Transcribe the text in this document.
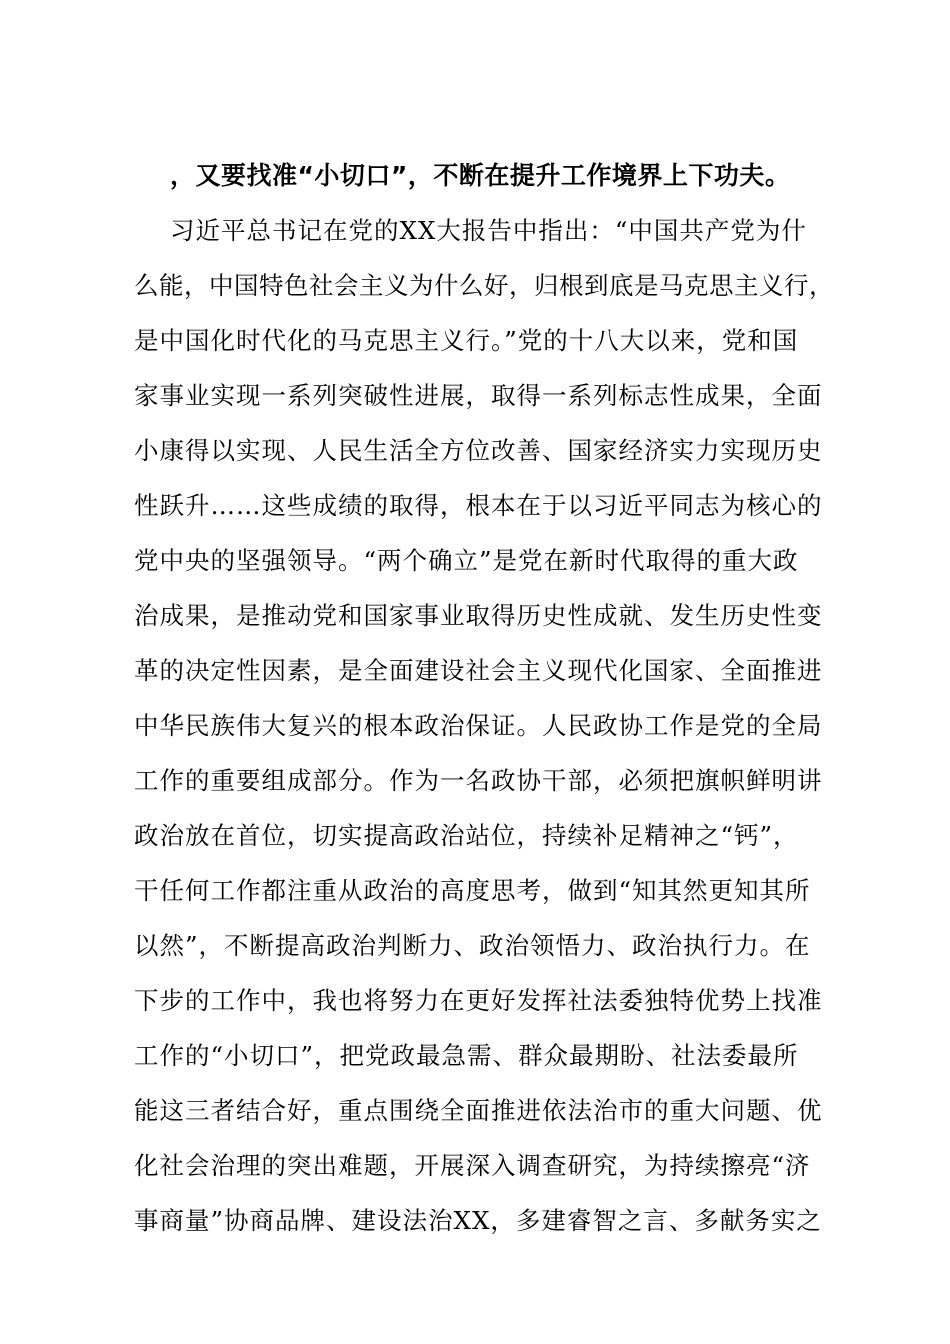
，又要找准“小切口”，不断在提升工作境界上下功夫。
习近平总书记在党的XX大报告中指出：“中国共产党为什
么能，中国特色社会主义为什么好，归根到底是马克思主义行，
是中国化时代化的马克思主义行。”党的十八大以来，党和国
家事业实现一系列突破性进展，取得一系列标志性成果，全面
小康得以实现、人民生活全方位改善、国家经济实力实现历史
性跃升……这些成绩的取得，根本在于以习近平同志为核心的
党中央的坚强领导。“两个确立”是党在新时代取得的重大政
治成果，是推动党和国家事业取得历史性成就、发生历史性变
革的决定性因素，是全面建设社会主义现代化国家、全面推进
中华民族伟大复兴的根本政治保证。人民政协工作是党的全局
工作的重要组成部分。作为一名政协干部，必须把旗帜鲜明讲
政治放在首位，切实提高政治站位，持续补足精神之“钙”，
干任何工作都注重从政治的高度思考，做到“知其然更知其所
以然”，不断提高政治判断力、政治领悟力、政治执行力。在
下步的工作中，我也将努力在更好发挥社法委独特优势上找准
工作的“小切口”，把党政最急需、群众最期盼、社法委最所
能这三者结合好，重点围绕全面推进依法治市的重大问题、优
化社会治理的突出难题，开展深入调查研究，为持续擦亮“济
事商量”协商品牌、建设法治XX，多建睿智之言、多献务实之
